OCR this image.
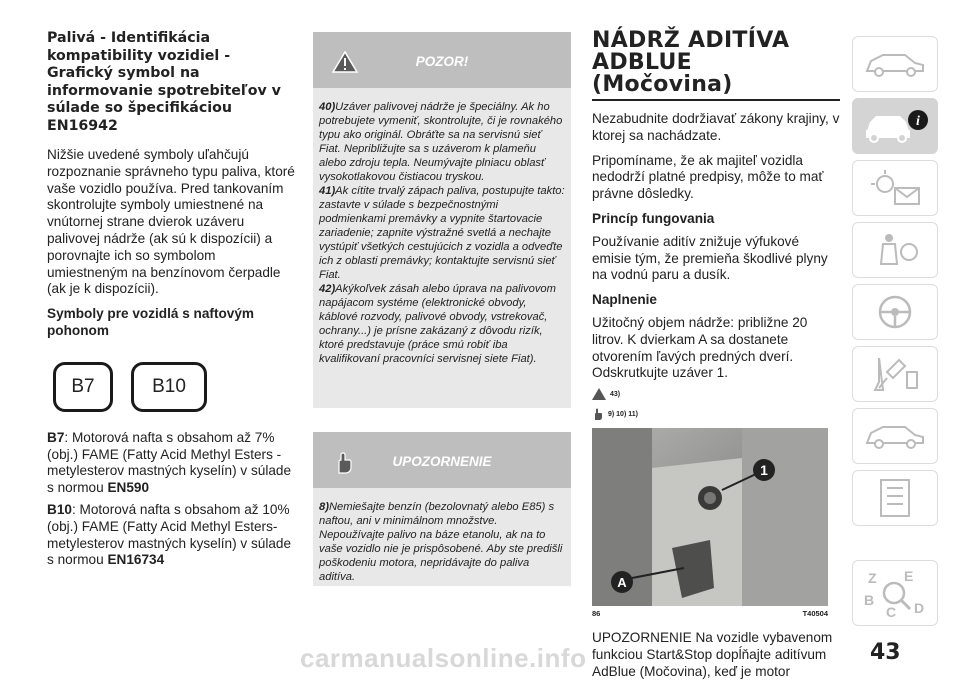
Palivá - Identifikácia kompatibility vozidiel - Grafický symbol na informovanie spotrebiteľov v súlade so špecifikáciou EN16942

Nižšie uvedené symboly uľahčujú rozpoznanie správneho typu paliva, ktoré vaše vozidlo používa. Pred tankovaním skontrolujte symboly umiestnené na vnútornej strane dvierok uzáveru palivovej nádrže (ak sú k dispozícii) a porovnajte ich so symbolom umiestneným na benzínovom čerpadle (ak je k dispozícii).

Symboly pre vozidlá s naftovým pohonom

B7	B10

B7: Motorová nafta s obsahom až 7% (obj.) FAME (Fatty Acid Methyl Esters - metylesterov mastných kyselín) v súlade s normou EN590

B10: Motorová nafta s obsahom až 10% (obj.) FAME (Fatty Acid Methyl Esters- metylesterov mastných kyselín) v súlade s normou EN16734

POZOR!

40)Uzáver palivovej nádrže je špeciálny. Ak ho potrebujete vymeniť, skontrolujte, či je rovnakého typu ako originál. Obráťte sa na servisnú sieť Fiat. Nepribližujte sa s uzáverom k plameňu alebo zdroju tepla. Neumývajte plniacu oblasť vysokotlakovou čistiacou tryskou.

41)Ak cítite trvalý zápach paliva, postupujte takto: zastavte v súlade s bezpečnostnými podmienkami premávky a vypnite štartovacie zariadenie; zapnite výstražné svetlá a nechajte vystúpiť všetkých cestujúcich z vozidla a odveďte ich z oblasti premávky; kontaktujte servisnú sieť Fiat.

42)Akýkoľvek zásah alebo úprava na palivovom napájacom systéme (elektronické obvody, káblové rozvody, palivové obvody, vstrekovač, ochrany...) je prísne zakázaný z dôvodu rizík, ktoré predstavuje (práce smú robiť iba kvalifikovaní pracovníci servisnej siete Fiat).

UPOZORNENIE

8)Nemiešajte benzín (bezolovnatý alebo E85) s naftou, ani v minimálnom množstve. Nepoužívajte palivo na báze etanolu, ak na to vaše vozidlo nie je prispôsobené. Aby ste predišli poškodeniu motora, nepridávajte do paliva aditíva.

NÁDRŽ ADITÍVA
ADBLUE (Močovina)

Nezabudnite dodržiavať zákony krajiny, v ktorej sa nachádzate.

Pripomíname, že ak majiteľ vozidla nedodrží platné predpisy, môže to mať právne dôsledky.

Princíp fungovania

Používanie aditív znižuje výfukové emisie tým, že premieňa škodlivé plyny na vodnú paru a dusík.

Naplnenie

Užitočný objem nádrže: približne 20 litrov. K dvierkam A sa dostanete otvorením ľavých predných dverí. Odskrutkujte uzáver 1.

43)
9) 10) 11)
1
A
86	T40504

UPOZORNENIE Na vozidle vybavenom funkciou Start&Stop dopĺňajte aditívum AdBlue (Močovina), keď je motor

i
Z E
B
C D
carmanualsonline.info	43
